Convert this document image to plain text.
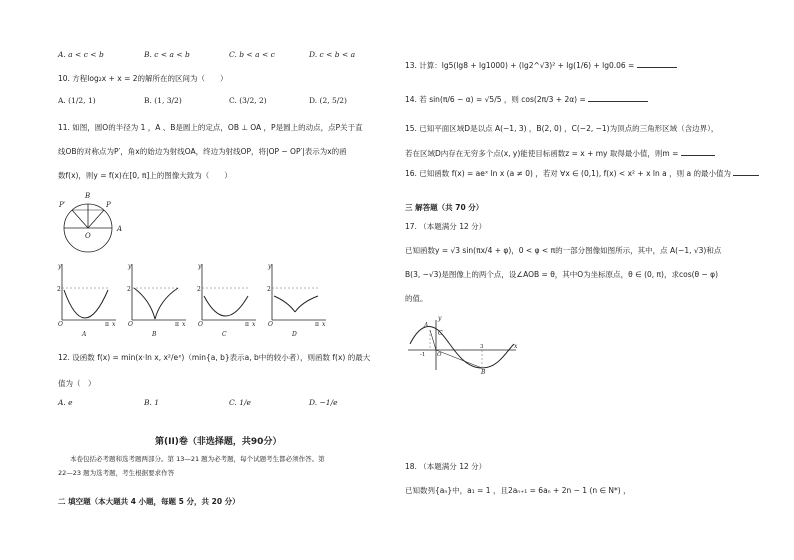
A. a < c < b	B. c < a < b	C. b < a < c	D. c < b < a
10. 方程log₂x + x = 2的解所在的区间为（　　）
A. (1/2, 1)	B. (1, 3/2)	C. (3/2, 2)	D. (2, 5/2)
11. 如图，圆O的半径为 1 ，A 、B是圆上的定点，OB ⊥ OA ，P是圆上的动点，点P关于直
线OB的对称点为P′，角x的始边为射线OA，终边为射线OP，将|OP − OP′|表示为x的函
数f(x)，则y = f(x)在[0, π]上的图像大致为（　　）
B
P
P′
O
A
y
2
O	π x
A
y
2
O	π x
B
y
2
O	π x
C
y
2
O	π x
D
12. 设函数 f(x) = min(x·ln x, x²/eˣ)（min{a, b}表示a, b中的较小者），则函数 f(x) 的最大
值为（　）
A. e	B. 1	C. 1/e	D. −1/e
第(II)卷（非选择题，共90分）
本卷包括必考题和选考题两部分。第 13—21 题为必考题，每个试题考生都必须作答。第
22—23 题为选考题，考生根据要求作答
二 填空题（本大题共 4 小题，每题 5 分，共 20 分）
13. 计算：lg5(lg8 + lg1000) + (lg2^√3)² + lg(1/6) + lg0.06 =
14. 若 sin(π/6 − α) = √5/5 ，则 cos(2π/3 + 2α) =
15. 已知平面区域D是以点 A(−1, 3) ，B(2, 0) ，C(−2, −1)为顶点的三角形区域（含边界），
若在区域D内存在无穷多个点(x, y)能使目标函数z = x + my 取得最小值，则m =
16. 已知函数 f(x) = aeˣ ln x (a ≠ 0) ，若对 ∀x ∈ (0,1), f(x) < x² + x ln a ，则 a 的最小值为
三 解答题（共 70 分）
17. （本题满分 12 分）
已知函数y = √3 sin(πx/4 + φ)，0 < φ < π的一部分图像如图所示，其中，点 A(−1, √3)和点
B(3, −√3)是图像上的两个点，设∠AOB = θ，其中O为坐标原点，θ ∈ (0, π)，求cos(θ − φ)
的值。
A
C
y
x
-1 O
3
B
18. （本题满分 12 分）
已知数列{aₙ}中，a₁ = 1 ，且2aₙ₊₁ = 6aₙ + 2n − 1 (n ∈ N*) ，
